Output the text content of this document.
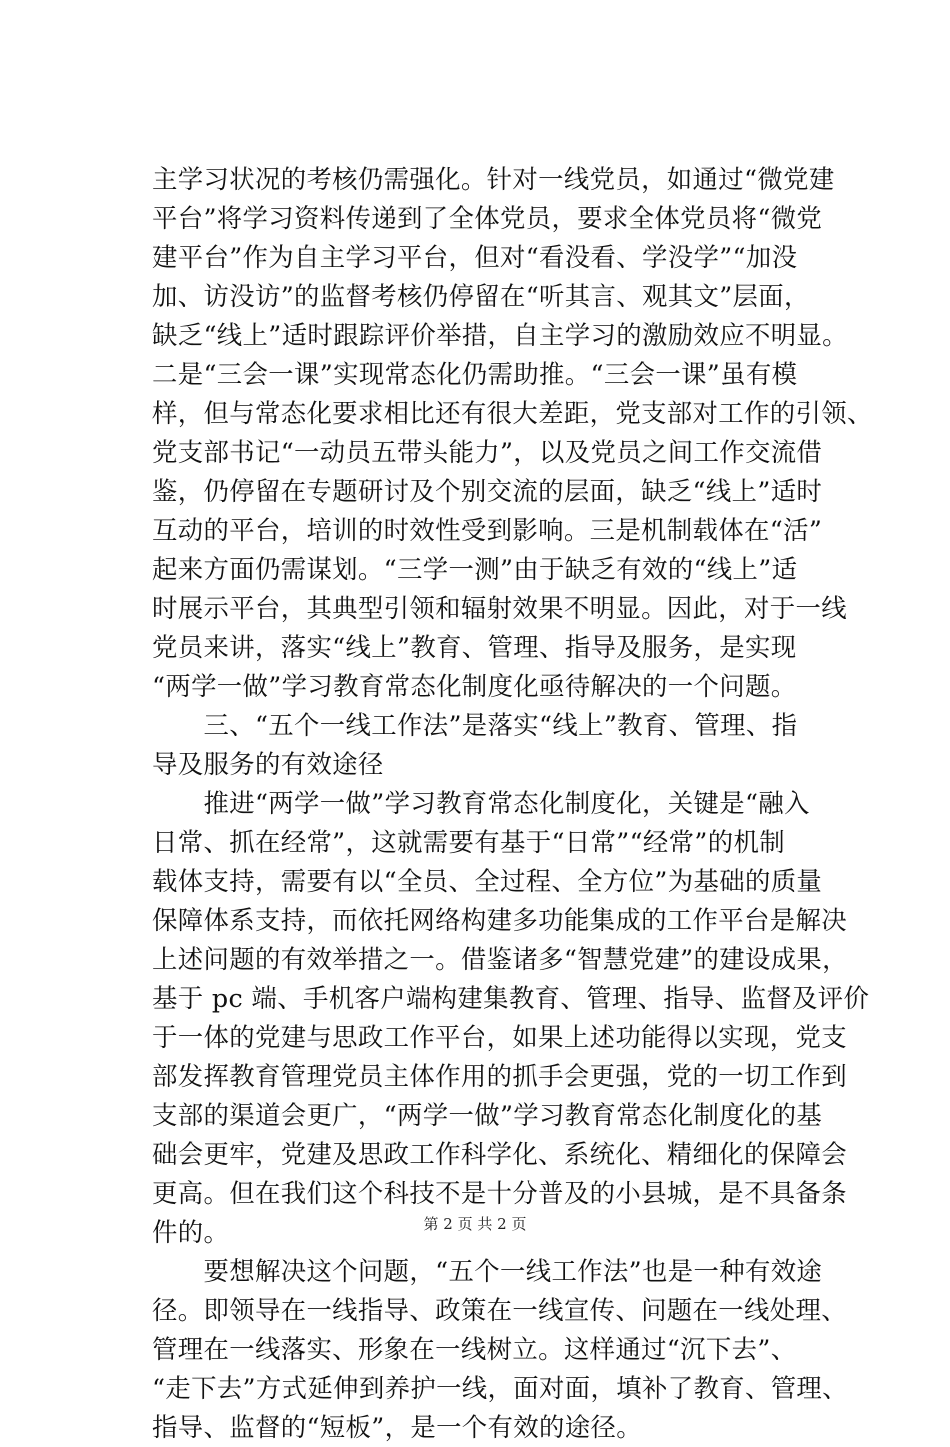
主学习状况的考核仍需强化。针对一线党员，如通过“微党建
平台”将学习资料传递到了全体党员，要求全体党员将“微党
建平台”作为自主学习平台，但对“看没看、学没学”“加没
加、访没访”的监督考核仍停留在“听其言、观其文”层面，
缺乏“线上”适时跟踪评价举措，自主学习的激励效应不明显。
二是“三会一课”实现常态化仍需助推。“三会一课”虽有模
样，但与常态化要求相比还有很大差距，党支部对工作的引领、
党支部书记“一动员五带头能力”，以及党员之间工作交流借
鉴，仍停留在专题研讨及个别交流的层面，缺乏“线上”适时
互动的平台，培训的时效性受到影响。三是机制载体在“活”
起来方面仍需谋划。“三学一测”由于缺乏有效的“线上”适
时展示平台，其典型引领和辐射效果不明显。因此，对于一线
党员来讲，落实“线上”教育、管理、指导及服务，是实现
“两学一做”学习教育常态化制度化亟待解决的一个问题。
　　三、“五个一线工作法”是落实“线上”教育、管理、指
导及服务的有效途径
　　推进“两学一做”学习教育常态化制度化，关键是“融入
日常、抓在经常”，这就需要有基于“日常”“经常”的机制
载体支持，需要有以“全员、全过程、全方位”为基础的质量
保障体系支持，而依托网络构建多功能集成的工作平台是解决
上述问题的有效举措之一。借鉴诸多“智慧党建”的建设成果，
基于 pc 端、手机客户端构建集教育、管理、指导、监督及评价
于一体的党建与思政工作平台，如果上述功能得以实现，党支
部发挥教育管理党员主体作用的抓手会更强，党的一切工作到
支部的渠道会更广，“两学一做”学习教育常态化制度化的基
础会更牢，党建及思政工作科学化、系统化、精细化的保障会
更高。但在我们这个科技不是十分普及的小县城，是不具备条
件的。
　　要想解决这个问题，“五个一线工作法”也是一种有效途
径。即领导在一线指导、政策在一线宣传、问题在一线处理、
管理在一线落实、形象在一线树立。这样通过“沉下去”、
“走下去”方式延伸到养护一线，面对面，填补了教育、管理、
指导、监督的“短板”，是一个有效的途径。
第 2 页 共 2 页
